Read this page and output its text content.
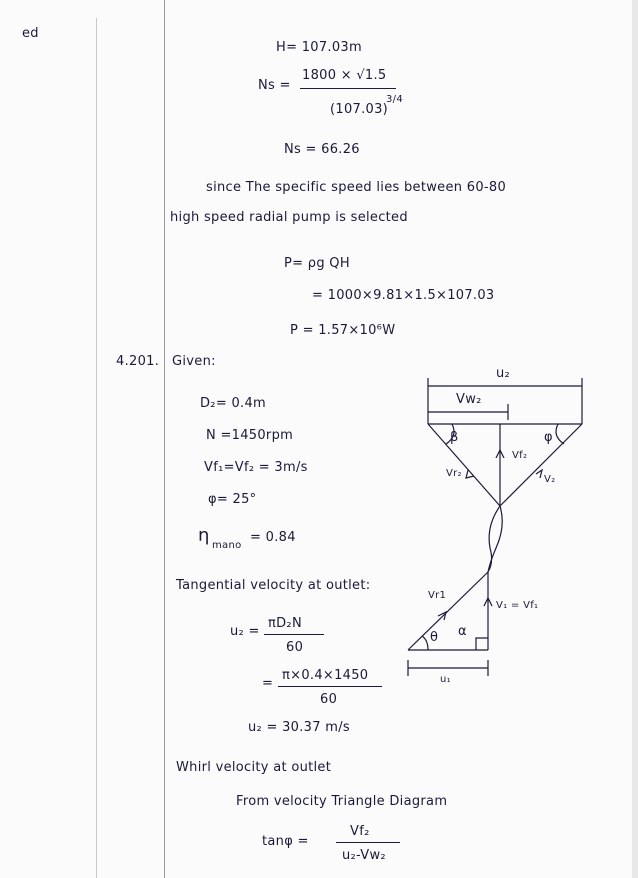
ed
H= 107.03m
Ns =
1800 × √1.5
(107.03)
3/4
Ns = 66.26
since The specific speed lies between 60-80
high speed radial pump is selected
P= ρg QH
= 1000×9.81×1.5×107.03
P = 1.57×10⁶W
4.201. Given:
D₂= 0.4m
N =1450rpm
Vf₁=Vf₂ = 3m/s
φ= 25°
η mano
= 0.84
Tangential velocity at outlet:
u₂ =
πD₂N
60
=
π×0.4×1450
60
u₂ = 30.37 m/s
Whirl velocity at outlet
From velocity Triangle Diagram
tanφ =
Vf₂
u₂-Vw₂
u₂
Vw₂
β	φ
Vf₂
Vr₂
V₂
Vr1
V₁ = Vf₁
θ α
u₁
